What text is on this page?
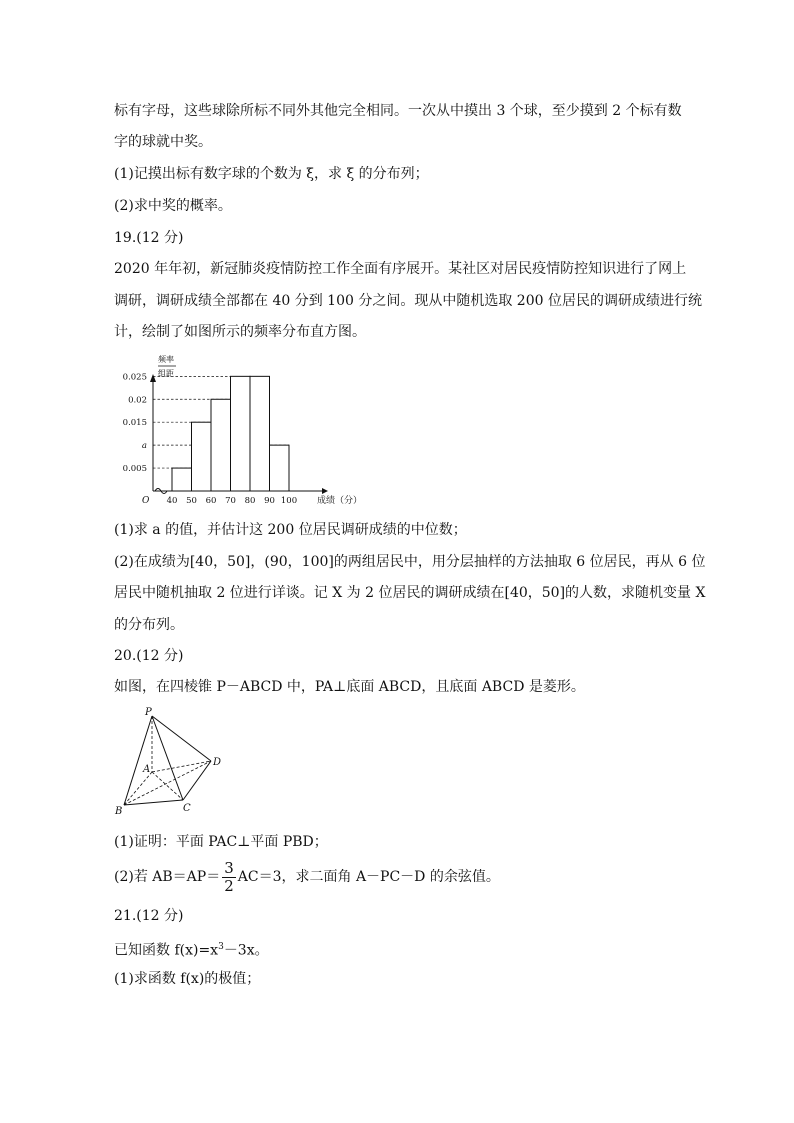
标有字母，这些球除所标不同外其他完全相同。一次从中摸出 3 个球，至少摸到 2 个标有数
字的球就中奖。
(1)记摸出标有数字球的个数为 ξ，求 ξ 的分布列；
(2)求中奖的概率。
19.(12 分)
2020 年年初，新冠肺炎疫情防控工作全面有序展开。某社区对居民疫情防控知识进行了网上
调研，调研成绩全部都在 40 分到 100 分之间。现从中随机选取 200 位居民的调研成绩进行统
计，绘制了如图所示的频率分布直方图。
频率
组距
0.005
a
0.015
0.02
0.025
40 50 60 70 80 90 100
O	成绩（分）
(1)求 a 的值，并估计这 200 位居民调研成绩的中位数；
(2)在成绩为[40，50]，(90，100]的两组居民中，用分层抽样的方法抽取 6 位居民，再从 6 位
居民中随机抽取 2 位进行详谈。记 X 为 2 位居民的调研成绩在[40，50]的人数，求随机变量 X
的分布列。
20.(12 分)
如图，在四棱锥 P－ABCD 中，PA⊥底面 ABCD，且底面 ABCD 是菱形。
P
A
B	C
D
(1)证明：平面 PAC⊥平面 PBD；
(2)若 $AB=AP= \frac{3}{2} AC=3$，求二面角 A－PC－D 的余弦值。
21.(12 分)
已知函数 $f(x)=x^3-3x$。
(1)求函数 f(x)的极值；
